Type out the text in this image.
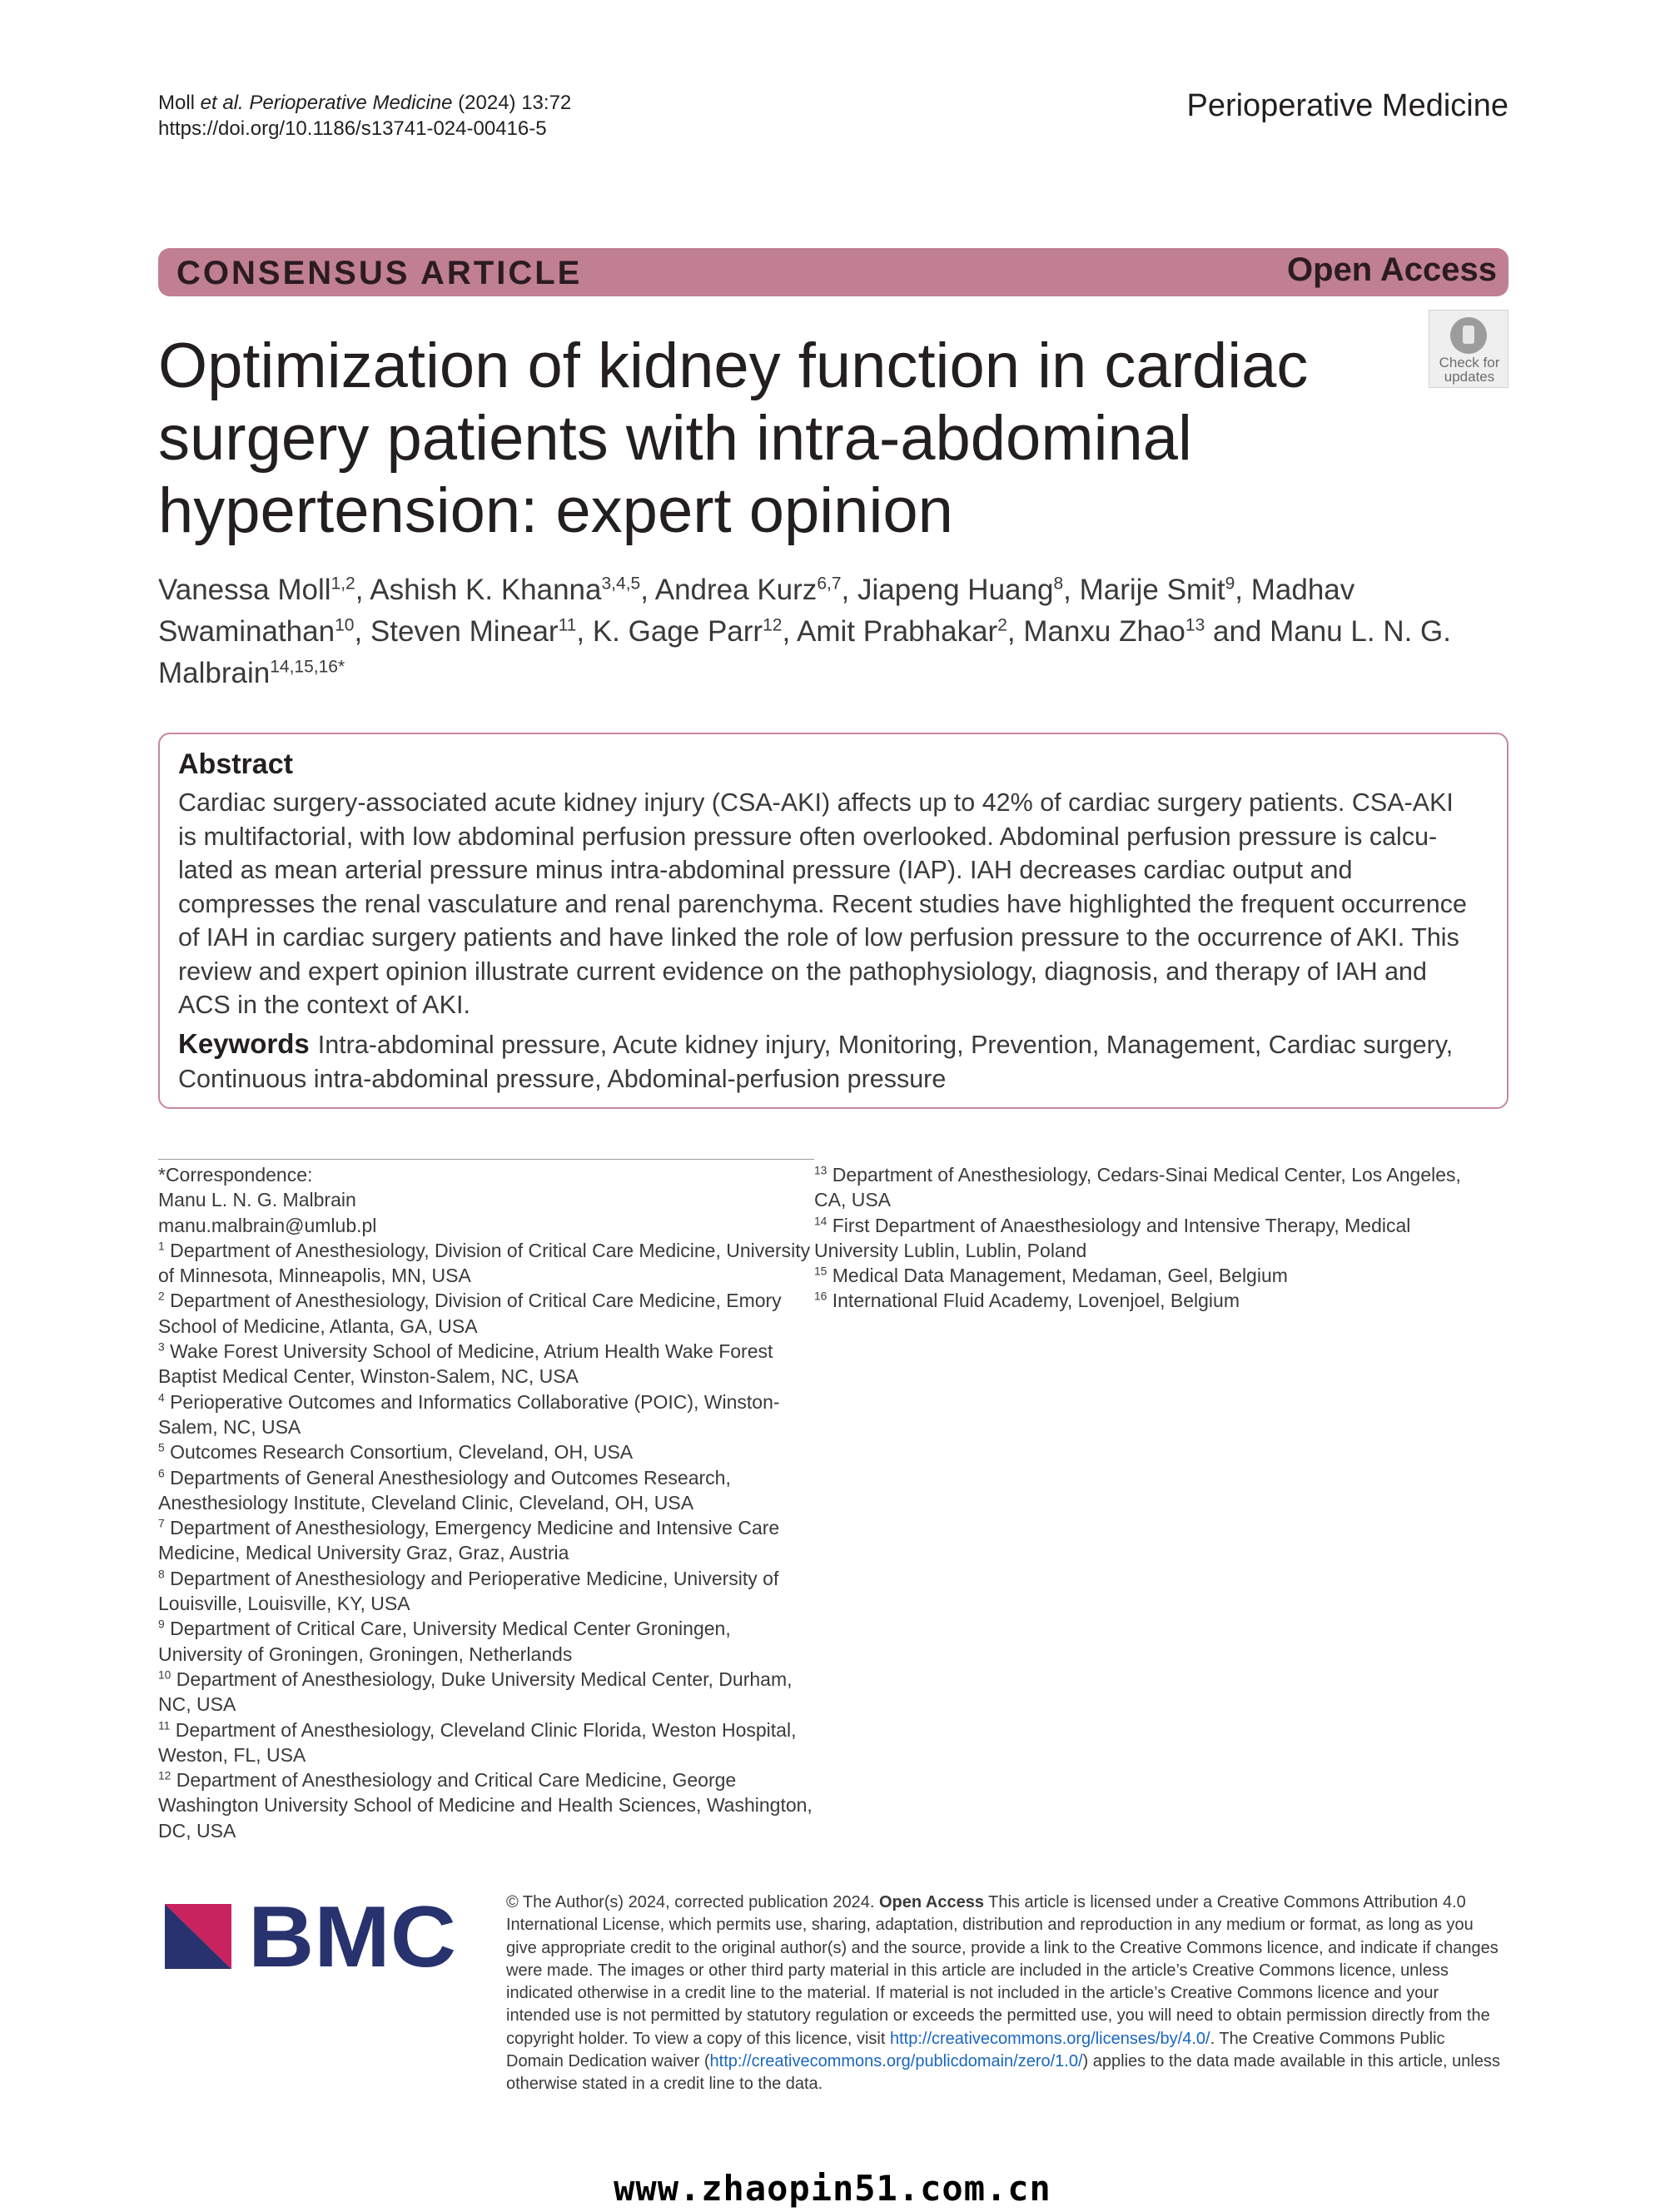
Moll et al. Perioperative Medicine (2024) 13:72
https://doi.org/10.1186/s13741-024-00416-5
Perioperative Medicine
CONSENSUS ARTICLE	Open Access
Check for
updates
Optimization of kidney function in cardiac surgery patients with intra-abdominal hypertension: expert opinion
Vanessa Moll$^{1,2}$, Ashish K. Khanna$^{3,4,5}$, Andrea Kurz$^{6,7}$, Jiapeng Huang$^8$, Marije Smit$^9$, Madhav Swaminathan$^{10}$, Steven Minear$^{11}$, K. Gage Parr$^{12}$, Amit Prabhakar$^2$, Manxu Zhao$^{13}$ and Manu L. N. G. Malbrain$^{14,15,16*}$
Abstract

Cardiac surgery-associated acute kidney injury (CSA-AKI) affects up to 42% of cardiac surgery patients. CSA-AKI is multifactorial, with low abdominal perfusion pressure often overlooked. Abdominal perfusion pressure is calcu-lated as mean arterial pressure minus intra-abdominal pressure (IAP). IAH decreases cardiac output and compresses the renal vasculature and renal parenchyma. Recent studies have highlighted the frequent occurrence of IAH in cardiac surgery patients and have linked the role of low perfusion pressure to the occurrence of AKI. This review and expert opinion illustrate current evidence on the pathophysiology, diagnosis, and therapy of IAH and ACS in the context of AKI.

Keywords Intra-abdominal pressure, Acute kidney injury, Monitoring, Prevention, Management, Cardiac surgery, Continuous intra-abdominal pressure, Abdominal-perfusion pressure
*Correspondence:
Manu L. N. G. Malbrain
manu.malbrain@umlub.pl

$^1$ Department of Anesthesiology, Division of Critical Care Medicine, University of Minnesota, Minneapolis, MN, USA

$^2$ Department of Anesthesiology, Division of Critical Care Medicine, Emory School of Medicine, Atlanta, GA, USA

$^3$ Wake Forest University School of Medicine, Atrium Health Wake Forest Baptist Medical Center, Winston-Salem, NC, USA

$^4$ Perioperative Outcomes and Informatics Collaborative (POIC), Winston-Salem, NC, USA

$^5$ Outcomes Research Consortium, Cleveland, OH, USA

$^6$ Departments of General Anesthesiology and Outcomes Research, Anesthesiology Institute, Cleveland Clinic, Cleveland, OH, USA

$^7$ Department of Anesthesiology, Emergency Medicine and Intensive Care Medicine, Medical University Graz, Graz, Austria

$^8$ Department of Anesthesiology and Perioperative Medicine, University of Louisville, Louisville, KY, USA

$^9$ Department of Critical Care, University Medical Center Groningen, University of Groningen, Groningen, Netherlands

$^{10}$ Department of Anesthesiology, Duke University Medical Center, Durham, NC, USA

$^{11}$ Department of Anesthesiology, Cleveland Clinic Florida, Weston Hospital, Weston, FL, USA

$^{12}$ Department of Anesthesiology and Critical Care Medicine, George Washington University School of Medicine and Health Sciences, Washington, DC, USA

$^{13}$ Department of Anesthesiology, Cedars-Sinai Medical Center, Los Angeles, CA, USA

$^{14}$ First Department of Anaesthesiology and Intensive Therapy, Medical University Lublin, Lublin, Poland

$^{15}$ Medical Data Management, Medaman, Geel, Belgium

$^{16}$ International Fluid Academy, Lovenjoel, Belgium

BMC	© The Author(s) 2024, corrected publication 2024. Open Access This article is licensed under a Creative Commons Attribution 4.0 International License, which permits use, sharing, adaptation, distribution and reproduction in any medium or format, as long as you give appropriate credit to the original author(s) and the source, provide a link to the Creative Commons licence, and indicate if changes were made. The images or other third party material in this article are included in the article’s Creative Commons licence, unless indicated otherwise in a credit line to the material. If material is not included in the article’s Creative Commons licence and your intended use is not permitted by statutory regulation or exceeds the permitted use, you will need to obtain permission directly from the copyright holder. To view a copy of this licence, visit http://creativecommons.org/licenses/by/4.0/. The Creative Commons Public Domain Dedication waiver (http://creativecommons.org/publicdomain/zero/1.0/) applies to the data made available in this article, unless otherwise stated in a credit line to the data.
www.zhaopin51.com.cn
